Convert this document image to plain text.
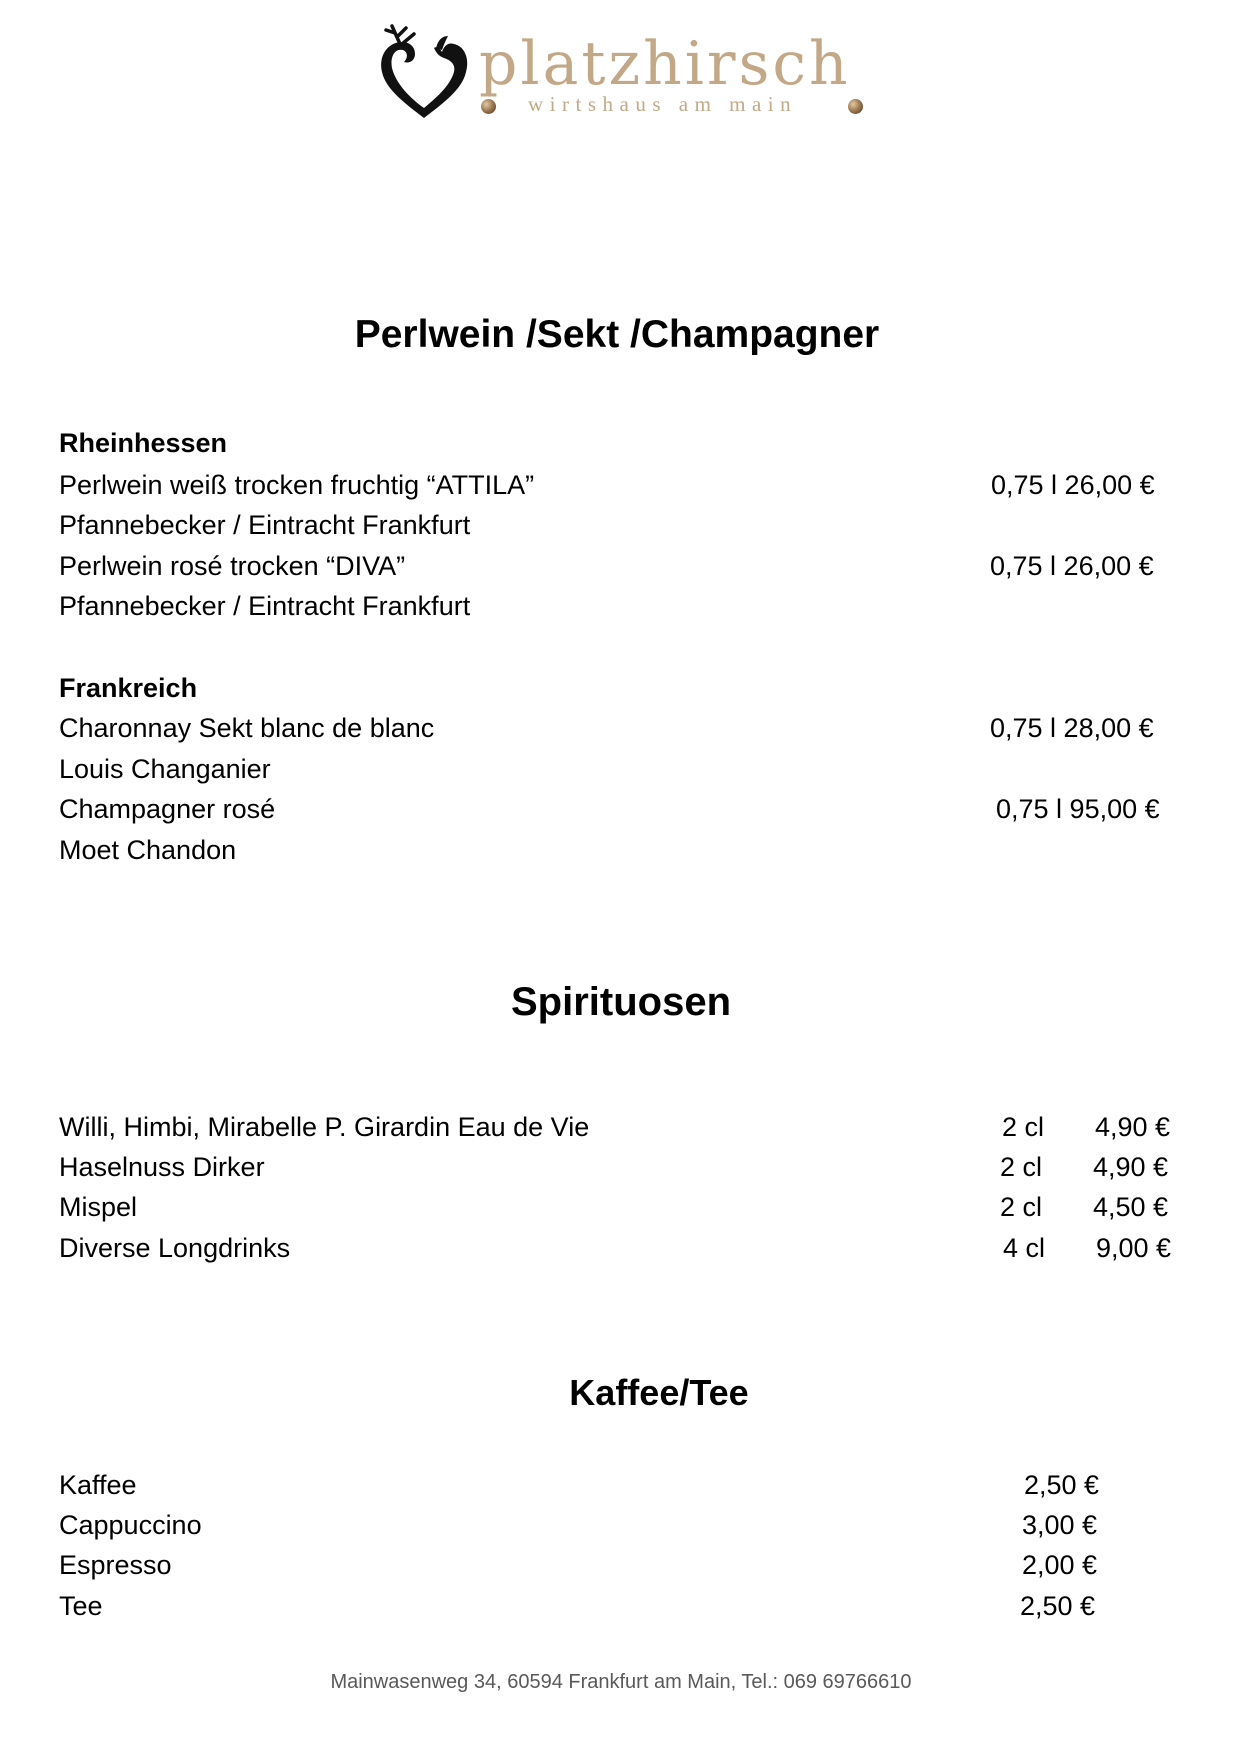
platzhirsch
wirtshaus am main
Perlwein /Sekt /Champagner
Rheinhessen
Perlwein weiß trocken fruchtig “ATTILA”	0,75 l 26,00 €
Pfannebecker / Eintracht Frankfurt
Perlwein rosé trocken “DIVA”	0,75 l 26,00 €
Pfannebecker / Eintracht Frankfurt
Frankreich
Charonnay Sekt blanc de blanc	0,75 l 28,00 €
Louis Changanier
Champagner rosé	0,75 l 95,00 €
Moet Chandon
Spirituosen
Willi, Himbi, Mirabelle P. Girardin Eau de Vie	2 cl 4,90 €
Haselnuss Dirker	2 cl 4,90 €
Mispel	2 cl 4,50 €
Diverse Longdrinks	4 cl 9,00 €
Kaffee/Tee
Kaffee	2,50 €
Cappuccino	3,00 €
Espresso	2,00 €
Tee	2,50 €
Mainwasenweg 34, 60594 Frankfurt am Main, Tel.: 069 69766610
